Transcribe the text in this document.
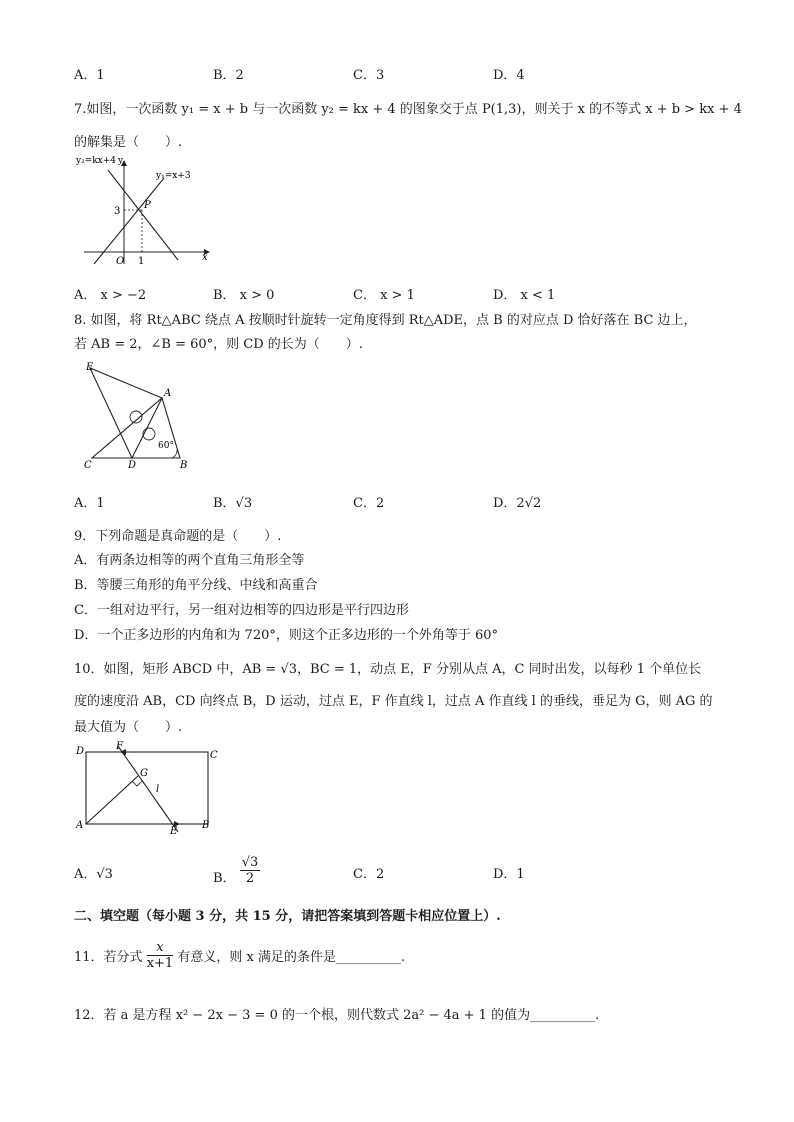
A．1	B．2	C．3	D．4
7.如图，一次函数 y₁ = x + b 与一次函数 y₂ = kx + 4 的图象交于点 P(1,3)，则关于 x 的不等式 x + b > kx + 4
的解集是（　　）.
y₂=kx+4 y
y₁=x+3
P
3
O 1	x
A． x > −2	B． x > 0	C． x > 1	D． x < 1
8. 如图，将 Rt△ABC 绕点 A 按顺时针旋转一定角度得到 Rt△ADE，点 B 的对应点 D 恰好落在 BC 边上，
若 AB = 2，∠B = 60°，则 CD 的长为（　　）.
E
A
C	D	B
60°
A．1	B．√3	C．2	D．2√2
9．下列命题是真命题的是（　　）.
A．有两条边相等的两个直角三角形全等
B．等腰三角形的角平分线、中线和高重合
C．一组对边平行，另一组对边相等的四边形是平行四边形
D．一个正多边形的内角和为 720°，则这个正多边形的一个外角等于 60°
10．如图，矩形 ABCD 中，AB = √3，BC = 1，动点 E，F 分别从点 A，C 同时出发，以每秒 1 个单位长
度的速度沿 AB，CD 向终点 B，D 运动，过点 E，F 作直线 l，过点 A 作直线 l 的垂线，垂足为 G，则 AG 的
最大值为（　　）.
D	F
C
G
l
A
E
B
A．√3	B． $\frac{√3}{2}$	C．2	D．1
二、填空题（每小题 3 分，共 15 分，请把答案填到答题卡相应位置上）.
11．若分式 $\frac{x}{x+1}$ 有意义，则 x 满足的条件是__________.
12．若 a 是方程 x² − 2x − 3 = 0 的一个根，则代数式 2a² − 4a + 1 的值为__________.
